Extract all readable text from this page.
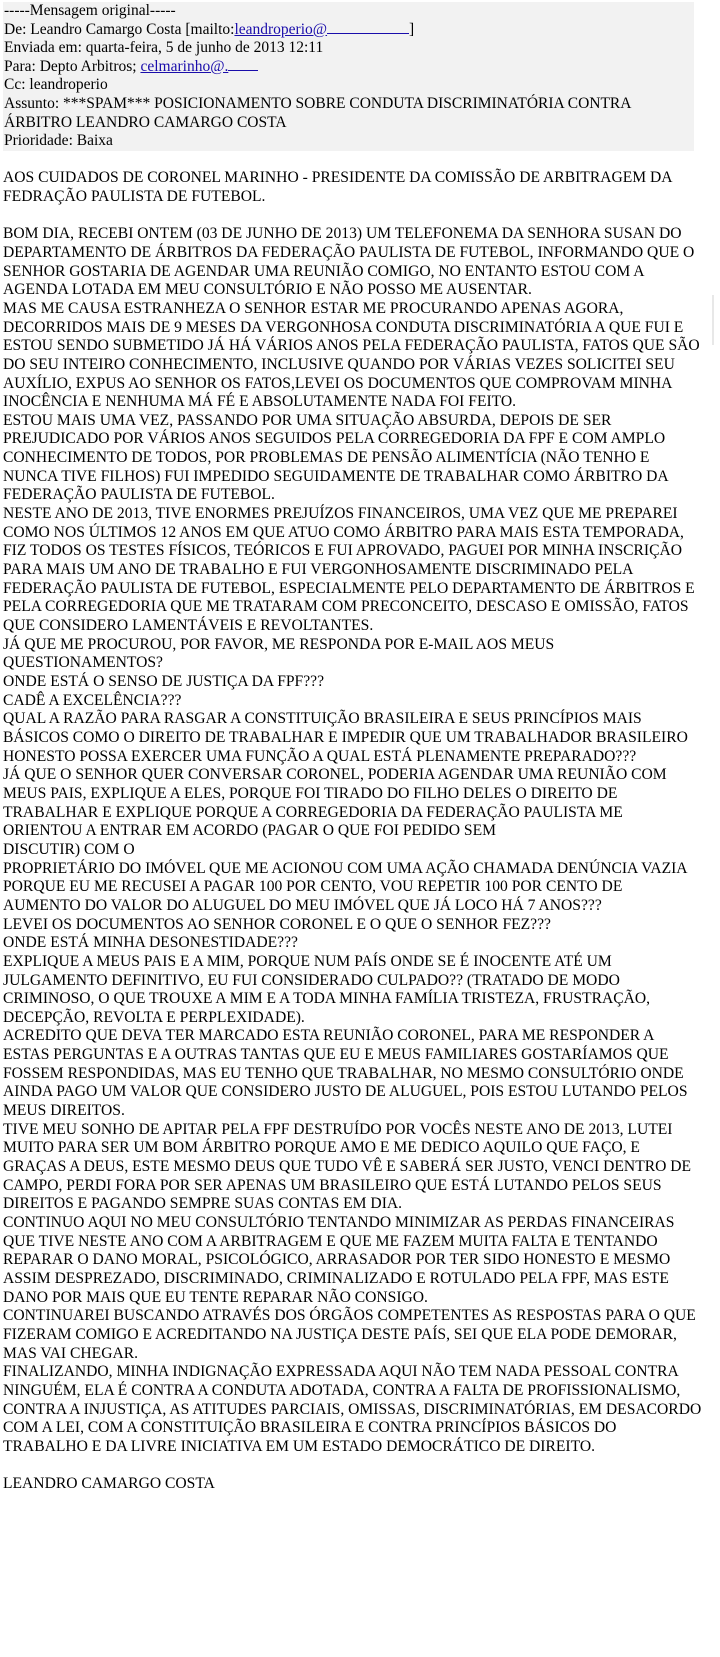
-----Mensagem original-----
De: Leandro Camargo Costa [mailto:leandroperio@	]
Enviada em: quarta-feira, 5 de junho de 2013 12:11
Para: Depto Arbitros; celmarinho@.
Cc: leandroperio
Assunto: ***SPAM*** POSICIONAMENTO SOBRE CONDUTA DISCRIMINATÓRIA CONTRA ÁRBITRO LEANDRO CAMARGO COSTA
Prioridade: Baixa

AOS CUIDADOS DE CORONEL MARINHO - PRESIDENTE DA COMISSÃO DE ARBITRAGEM DA FEDRAÇÃO PAULISTA DE FUTEBOL.

BOM DIA, RECEBI ONTEM (03 DE JUNHO DE 2013) UM TELEFONEMA DA SENHORA SUSAN DO DEPARTAMENTO DE ÁRBITROS DA FEDERAÇÃO PAULISTA DE FUTEBOL, INFORMANDO QUE O SENHOR GOSTARIA DE AGENDAR UMA REUNIÃO COMIGO, NO ENTANTO ESTOU COM A AGENDA LOTADA EM MEU CONSULTÓRIO E NÃO POSSO ME AUSENTAR.

MAS ME CAUSA ESTRANHEZA O SENHOR ESTAR ME PROCURANDO APENAS AGORA, DECORRIDOS MAIS DE 9 MESES DA VERGONHOSA CONDUTA DISCRIMINATÓRIA A QUE FUI E ESTOU SENDO SUBMETIDO JÁ HÁ VÁRIOS ANOS PELA FEDERAÇÃO PAULISTA, FATOS QUE SÃO DO SEU INTEIRO CONHECIMENTO, INCLUSIVE QUANDO POR VÁRIAS VEZES SOLICITEI SEU AUXÍLIO, EXPUS AO SENHOR OS FATOS,LEVEI OS DOCUMENTOS QUE COMPROVAM MINHA INOCÊNCIA E NENHUMA MÁ FÉ E ABSOLUTAMENTE NADA FOI FEITO.

ESTOU MAIS UMA VEZ, PASSANDO POR UMA SITUAÇÃO ABSURDA, DEPOIS DE SER PREJUDICADO POR VÁRIOS ANOS SEGUIDOS PELA CORREGEDORIA DA FPF E COM AMPLO CONHECIMENTO DE TODOS, POR PROBLEMAS DE PENSÃO ALIMENTÍCIA (NÃO TENHO E NUNCA TIVE FILHOS) FUI IMPEDIDO SEGUIDAMENTE DE TRABALHAR COMO ÁRBITRO DA FEDERAÇÃO PAULISTA DE FUTEBOL.

NESTE ANO DE 2013, TIVE ENORMES PREJUÍZOS FINANCEIROS, UMA VEZ QUE ME PREPAREI COMO NOS ÚLTIMOS 12 ANOS EM QUE ATUO COMO ÁRBITRO PARA MAIS ESTA TEMPORADA, FIZ TODOS OS TESTES FÍSICOS, TEÓRICOS E FUI APROVADO, PAGUEI POR MINHA INSCRIÇÃO PARA MAIS UM ANO DE TRABALHO E FUI VERGONHOSAMENTE DISCRIMINADO PELA FEDERAÇÃO PAULISTA DE FUTEBOL, ESPECIALMENTE PELO DEPARTAMENTO DE ÁRBITROS E PELA CORREGEDORIA QUE ME TRATARAM COM PRECONCEITO, DESCASO E OMISSÃO, FATOS QUE CONSIDERO LAMENTÁVEIS E REVOLTANTES.

JÁ QUE ME PROCUROU, POR FAVOR, ME RESPONDA POR E-MAIL AOS MEUS QUESTIONAMENTOS?

ONDE ESTÁ O SENSO DE JUSTIÇA DA FPF???

CADÊ A EXCELÊNCIA???

QUAL A RAZÃO PARA RASGAR A CONSTITUIÇÃO BRASILEIRA E SEUS PRINCÍPIOS MAIS BÁSICOS COMO O DIREITO DE TRABALHAR E IMPEDIR QUE UM TRABALHADOR BRASILEIRO HONESTO POSSA EXERCER UMA FUNÇÃO A QUAL ESTÁ PLENAMENTE PREPARADO???

JÁ QUE O SENHOR QUER CONVERSAR CORONEL, PODERIA AGENDAR UMA REUNIÃO COM MEUS PAIS, EXPLIQUE A ELES, PORQUE FOI TIRADO DO FILHO DELES O DIREITO DE TRABALHAR E EXPLIQUE PORQUE A CORREGEDORIA DA FEDERAÇÃO PAULISTA ME ORIENTOU A ENTRAR EM ACORDO (PAGAR O QUE FOI PEDIDO SEM

DISCUTIR) COM O

PROPRIETÁRIO DO IMÓVEL QUE ME ACIONOU COM UMA AÇÃO CHAMADA DENÚNCIA VAZIA PORQUE EU ME RECUSEI A PAGAR 100 POR CENTO, VOU REPETIR 100 POR CENTO DE AUMENTO DO VALOR DO ALUGUEL DO MEU IMÓVEL QUE JÁ LOCO HÁ 7 ANOS???

LEVEI OS DOCUMENTOS AO SENHOR CORONEL E O QUE O SENHOR FEZ???

ONDE ESTÁ MINHA DESONESTIDADE???

EXPLIQUE A MEUS PAIS E A MIM, PORQUE NUM PAÍS ONDE SE É INOCENTE ATÉ UM JULGAMENTO DEFINITIVO, EU FUI CONSIDERADO CULPADO?? (TRATADO DE MODO CRIMINOSO, O QUE TROUXE A MIM E A TODA MINHA FAMÍLIA TRISTEZA, FRUSTRAÇÃO, DECEPÇÃO, REVOLTA E PERPLEXIDADE).

ACREDITO QUE DEVA TER MARCADO ESTA REUNIÃO CORONEL, PARA ME RESPONDER A ESTAS PERGUNTAS E A OUTRAS TANTAS QUE EU E MEUS FAMILIARES GOSTARÍAMOS QUE FOSSEM RESPONDIDAS, MAS EU TENHO QUE TRABALHAR, NO MESMO CONSULTÓRIO ONDE AINDA PAGO UM VALOR QUE CONSIDERO JUSTO DE ALUGUEL, POIS ESTOU LUTANDO PELOS MEUS DIREITOS.

TIVE MEU SONHO DE APITAR PELA FPF DESTRUÍDO POR VOCÊS NESTE ANO DE 2013, LUTEI MUITO PARA SER UM BOM ÁRBITRO PORQUE AMO E ME DEDICO AQUILO QUE FAÇO, E GRAÇAS A DEUS, ESTE MESMO DEUS QUE TUDO VÊ E SABERÁ SER JUSTO, VENCI DENTRO DE CAMPO, PERDI FORA POR SER APENAS UM BRASILEIRO QUE ESTÁ LUTANDO PELOS SEUS DIREITOS E PAGANDO SEMPRE SUAS CONTAS EM DIA.

CONTINUO AQUI NO MEU CONSULTÓRIO TENTANDO MINIMIZAR AS PERDAS FINANCEIRAS QUE TIVE NESTE ANO COM A ARBITRAGEM E QUE ME FAZEM MUITA FALTA E TENTANDO REPARAR O DANO MORAL, PSICOLÓGICO, ARRASADOR POR TER SIDO HONESTO E MESMO ASSIM DESPREZADO, DISCRIMINADO, CRIMINALIZADO E ROTULADO PELA FPF, MAS ESTE DANO POR MAIS QUE EU TENTE REPARAR NÃO CONSIGO.

CONTINUAREI BUSCANDO ATRAVÉS DOS ÓRGÃOS COMPETENTES AS RESPOSTAS PARA O QUE FIZERAM COMIGO E ACREDITANDO NA JUSTIÇA DESTE PAÍS, SEI QUE ELA PODE DEMORAR, MAS VAI CHEGAR.

FINALIZANDO, MINHA INDIGNAÇÃO EXPRESSADA AQUI NÃO TEM NADA PESSOAL CONTRA NINGUÉM, ELA É CONTRA A CONDUTA ADOTADA, CONTRA A FALTA DE PROFISSIONALISMO, CONTRA A INJUSTIÇA, AS ATITUDES PARCIAIS, OMISSAS, DISCRIMINATÓRIAS, EM DESACORDO COM A LEI, COM A CONSTITUIÇÃO BRASILEIRA E CONTRA PRINCÍPIOS BÁSICOS DO TRABALHO E DA LIVRE INICIATIVA EM UM ESTADO DEMOCRÁTICO DE DIREITO.

LEANDRO CAMARGO COSTA
